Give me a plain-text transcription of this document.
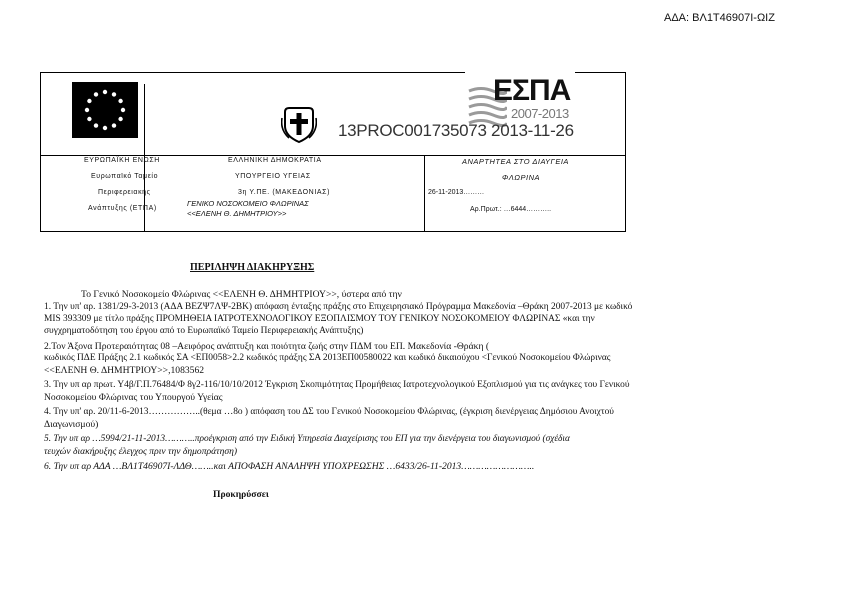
ΑΔΑ: ΒΛ1Τ46907Ι-ΩΙΖ
ΕΣΠΑ
2007-2013
13PROC001735073 2013-11-26
ΕΥΡΩΠΑΪΚΗ ΕΝΩΣΗ
Ευρωπαϊκό Ταμείο
Περιφερειακής
Ανάπτυξης (ΕΤΠΑ)
ΕΛΛΗΝΙΚΗ ΔΗΜΟΚΡΑΤΙΑ
ΥΠΟΥΡΓΕΙΟ ΥΓΕΙΑΣ
3η Υ.ΠΕ. (ΜΑΚΕΔΟΝΙΑΣ)
ΓΕΝΙΚΟ ΝΟΣΟΚΟΜΕΙΟ ΦΛΩΡΙΝΑΣ
<<ΕΛΕΝΗ Θ. ΔΗΜΗΤΡΙΟΥ>>
ΑΝΑΡΤΗΤΕΑ ΣΤΟ ΔΙΑΥΓΕΙΑ
ΦΛΩΡΙΝΑ
26-11-2013………
Αρ.Πρωτ.: …6444………..
ΠΕΡΙΛΗΨΗ ΔΙΑΚΗΡΥΞΗΣ
Το Γενικό Νοσοκομείο Φλώρινας <<ΕΛΕΝΗ Θ. ΔΗΜΗΤΡΙΟΥ>>, ύστερα από την
1. Την υπ' αρ. 1381/29-3-2013 (ΑΔΑ ΒΕΖΨ7ΛΨ-2ΒΚ) απόφαση ένταξης πράξης στο Επιχειρησιακό Πρόγραμμα Μακεδονία –Θράκη 2007-2013 με κωδικό
MIS 393309 με τίτλο πράξης ΠΡΟΜΗΘΕΙΑ ΙΑΤΡΟΤΕΧΝΟΛΟΓΙΚΟΥ ΕΞΟΠΛΙΣΜΟΥ ΤΟΥ ΓΕΝΙΚΟΥ ΝΟΣΟΚΟΜΕΙΟΥ ΦΛΩΡΙΝΑΣ «και την
συγχρηματοδότηση του έργου από το Ευρωπαϊκό Ταμείο Περιφερειακής Ανάπτυξης)
2.Τον Άξονα Προτεραιότητας 08 –Αειφόρος ανάπτυξη και ποιότητα ζωής στην ΠΔΜ του ΕΠ. Μακεδονία -Θράκη (
κωδικός ΠΔΕ Πράξης 2.1 κωδικός ΣΑ <ΕΠ0058>2.2 κωδικός πράξης ΣΑ 2013ΕΠ00580022 και κωδικό δικαιούχου <Γενικού Νοσοκομείου Φλώρινας
<<ΕΛΕΝΗ Θ. ΔΗΜΗΤΡΙΟΥ>>,1083562
3. Την υπ αρ πρωτ. Υ4β/Γ.Π.76484/Φ 8γ2-116/10/10/2012 Έγκριση Σκοπιμότητας Προμήθειας Ιατροτεχνολογικού Εξοπλισμού για τις ανάγκες του Γενικού
Νοσοκομείου Φλώρινας του Υπουργού Υγείας
4. Την υπ' αρ. 20/11-6-2013……………..(θεμα …8ο ) απόφαση του ΔΣ του Γενικού Νοσοκομείου Φλώρινας, (έγκριση διενέργειας Δημόσιου Ανοιχτού
Διαγωνισμού)
5. Την υπ αρ …5994/21-11-2013………..προέγκριση από την Ειδική Υπηρεσία Διαχείρισης του ΕΠ για την διενέργεια του διαγωνισμού (σχέδια
τευχών διακήρυξης έλεγχος πριν την δημοπράτηση)
6. Την υπ αρ ΑΔΑ …ΒΛ1Τ46907Ι-ΛΔΘ……..και ΑΠΟΦΑΣΗ ΑΝΑΛΗΨΗ ΥΠΟΧΡΕΩΣΗΣ …6433/26-11-2013……………………..
Προκηρύσσει
